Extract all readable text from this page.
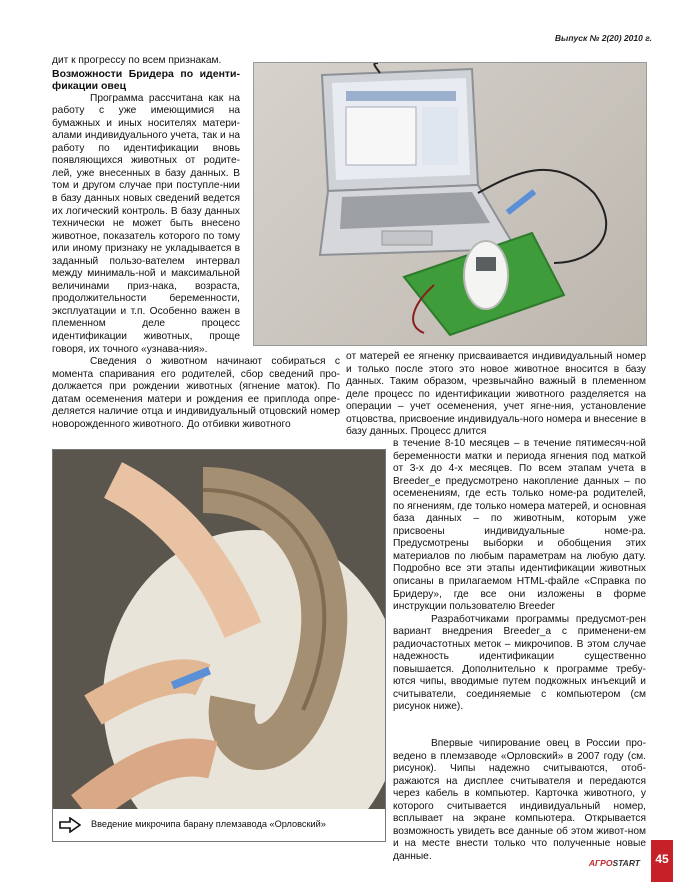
Выпуск № 2(20) 2010 г.

дит к прогрессу по всем признакам.

Возможности Бридера по иденти-фикации овец

Программа рассчитана как на работу с уже имеющимися на бумажных и иных носителях матери-алами индивидуального учета, так и на работу по идентификации вновь появляющихся животных от родите-лей, уже внесенных в базу данных. В том и другом случае при поступле-нии в базу данных новых сведений ведется их логический контроль. В базу данных технически не может быть внесено животное, показатель которого по тому или иному признаку не укладывается в заданный пользо-вателем интервал между минималь-ной и максимальной величинами приз-нака, возраста, продолжительности беременности, эксплуатации и т.п. Особенно важен в племенном деле процесс идентификации животных, проще говоря, их точного «узнава-ния».

Сведения о животном начинают собираться с момента спаривания его родителей, сбор сведений про-должается при рождении животных (ягнение маток). По датам осеменения матери и рождения ее приплода опре-деляется наличие отца и индивидуальный отцовский номер новорожденного животного. До отбивки животного

от матерей ее ягненку присваивается индивидуальный номер и только после этого это новое животное вносится в базу данных. Таким образом, чрезвычайно важный в племенном деле процесс по идентификации животного разделяется на операции – учет осеменения, учет ягне-ния, установление отцовства, присвоение индивидуаль-ного номера и внесение в базу данных. Процесс длится

в течение 8-10 месяцев – в течение пятимесяч-ной беременности матки и периода ягнения под маткой от 3-х до 4-х месяцев. По всем этапам учета в Breeder_e предусмотрено накопление данных – по осеменениям, где есть только номе-ра родителей, по ягнениям, где только номера матерей, и основная база данных – по животным, которым уже присвоены индивидуальные номе-ра. Предусмотрены выборки и обобщения этих материалов по любым параметрам на любую дату. Подробно все эти этапы идентификации животных описаны в прилагаемом HTML-файле «Справка по Бридеру», где все они изложены в форме инструкции пользователю Breeder

Разработчиками программы предусмот-рен вариант внедрения Breeder_a с применени-ем радиочастотных меток – микрочипов. В этом случае надежность идентификации существенно повышается. Дополнительно к программе требу-ются чипы, вводимые путем подкожных инъекций и считыватели, соединяемые с компьютером (см рисунок ниже).

Впервые чипирование овец в России про-ведено в племзаводе «Орловский» в 2007 году (см. рисунок). Чипы надежно считываются, отоб-ражаются на дисплее считывателя и передаются через кабель в компьютер. Карточка животного, у которого считывается индивидуальный номер, всплывает на экране компьютера. Открывается возможность увидеть все данные об этом живот-ном и на месте внести только что полученные новые данные.

Введение микрочипа барану племзавода «Орловский»
АГРОSTART 45
